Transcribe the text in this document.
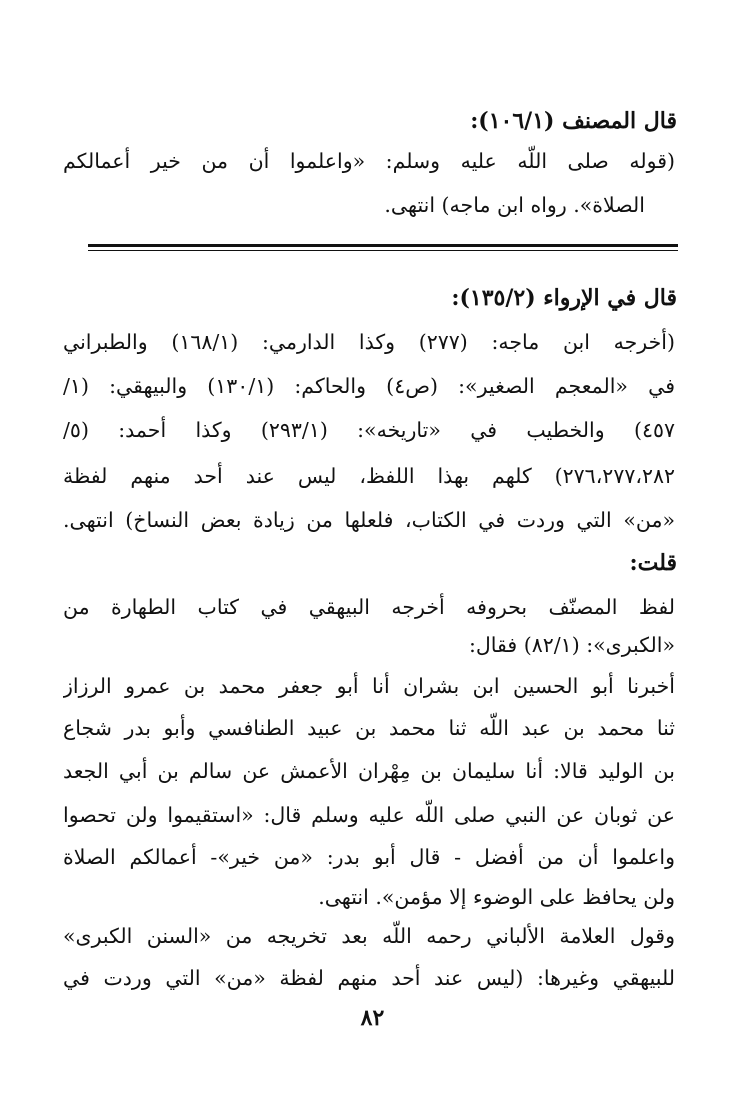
قال المصنف (١٠٦/١):
(قوله صلى اللّه عليه وسلم: «واعلموا أن من خير أعمالكم
الصلاة». رواه ابن ماجه) انتهى.
قال في الإرواء (١٣٥/٢):
(أخرجه ابن ماجه: (٢٧٧) وكذا الدارمي: (١٦٨/١) والطبراني
في «المعجم الصغير»: (ص٤) والحاكم: (١٣٠/١) والبيهقي: (١/
٤٥٧) والخطيب في «تاريخه»: (٢٩٣/١) وكذا أحمد: (٥/
٢٧٦،٢٧٧،٢٨٢) كلهم بهذا اللفظ، ليس عند أحد منهم لفظة
«من» التي وردت في الكتاب، فلعلها من زيادة بعض النساخ) انتهى.
قلت:
لفظ المصنّف بحروفه أخرجه البيهقي في كتاب الطهارة من
«الكبرى»: (٨٢/١) فقال:
أخبرنا أبو الحسين ابن بشران أنا أبو جعفر محمد بن عمرو الرزاز
ثنا محمد بن عبد اللّه ثنا محمد بن عبيد الطنافسي وأبو بدر شجاع
بن الوليد قالا: أنا سليمان بن مِهْران الأعمش عن سالم بن أبي الجعد
عن ثوبان عن النبي صلى اللّه عليه وسلم قال: «استقيموا ولن تحصوا
واعلموا أن من أفضل - قال أبو بدر: «من خير»- أعمالكم الصلاة
ولن يحافظ على الوضوء إلا مؤمن». انتهى.
وقول العلامة الألباني رحمه اللّه بعد تخريجه من «السنن الكبرى»
للبيهقي وغيرها: (ليس عند أحد منهم لفظة «من» التي وردت في
٨٢
